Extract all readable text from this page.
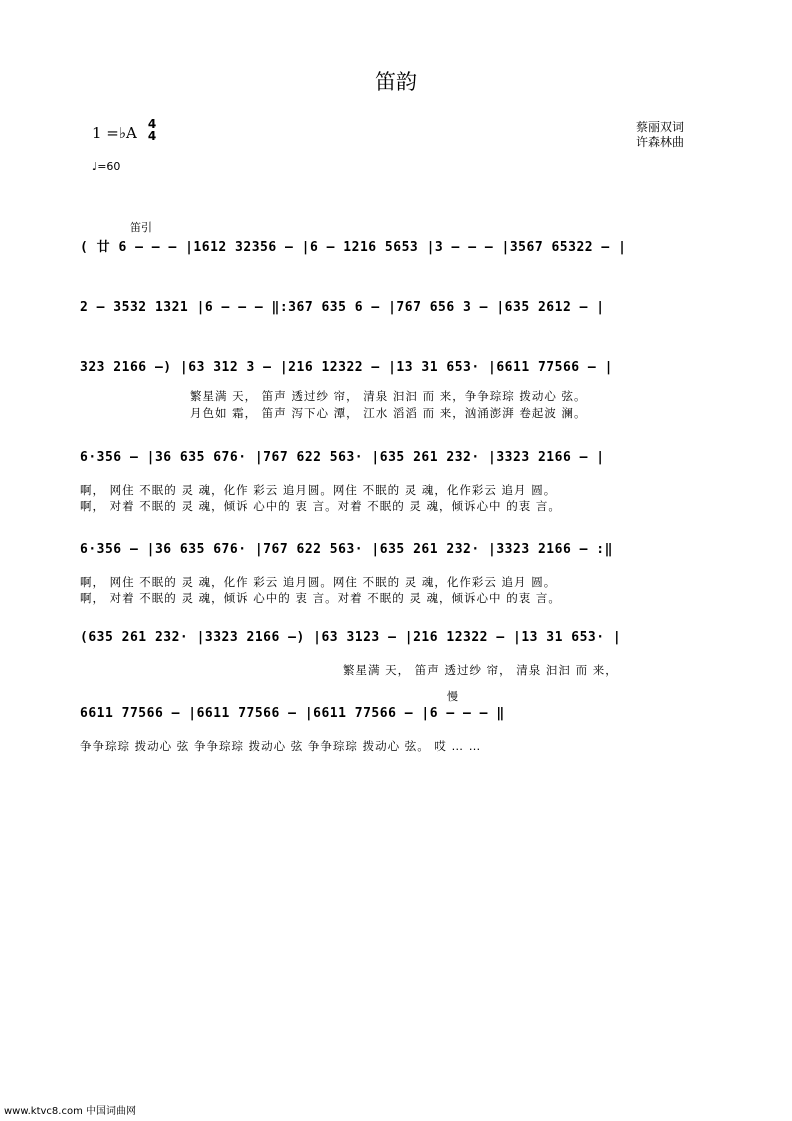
笛韵
1 =♭A 4
4
♩=60
蔡丽双词
许森林曲
笛引
( 廿 6 – – – |1612 32356 – |6 – 1216 5653 |3 – – – |3567 65322 – |
2 – 3532 1321 |6 – – – ‖:367 635 6 – |767 656 3 – |635 2612 – |
323 2166 –) |63 312 3 – |216 12322 – |13 31 653· |6611 77566 – |
繁星满 天， 笛声 透过纱 帘， 清泉 汩汩 而 来，争争琮琮 拨动心 弦。
月色如 霜， 笛声 泻下心 潭， 江水 滔滔 而 来，汹涌澎湃 卷起波 澜。
6·356 – |36 635 676· |767 622 563· |635 261 232· |3323 2166 – |
啊， 网住 不眠的 灵 魂，化作 彩云 追月圆。网住 不眠的 灵 魂，化作彩云 追月 圆。
啊， 对着 不眠的 灵 魂，倾诉 心中的 衷 言。对着 不眠的 灵 魂，倾诉心中 的衷 言。
6·356 – |36 635 676· |767 622 563· |635 261 232· |3323 2166 – :‖
啊， 网住 不眠的 灵 魂，化作 彩云 追月圆。网住 不眠的 灵 魂，化作彩云 追月 圆。
啊， 对着 不眠的 灵 魂，倾诉 心中的 衷 言。对着 不眠的 灵 魂，倾诉心中 的衷 言。
(635 261 232· |3323 2166 –) |63 3123 – |216 12322 – |13 31 653· |
繁星满 天， 笛声 透过纱 帘， 清泉 汩汩 而 来，
慢
6611 77566 – |6611 77566 – |6611 77566 – |6 – – – ‖
争争琮琮 拨动心 弦 争争琮琮 拨动心 弦 争争琮琮 拨动心 弦。 哎 … …
www.ktvc8.com 中国词曲网
